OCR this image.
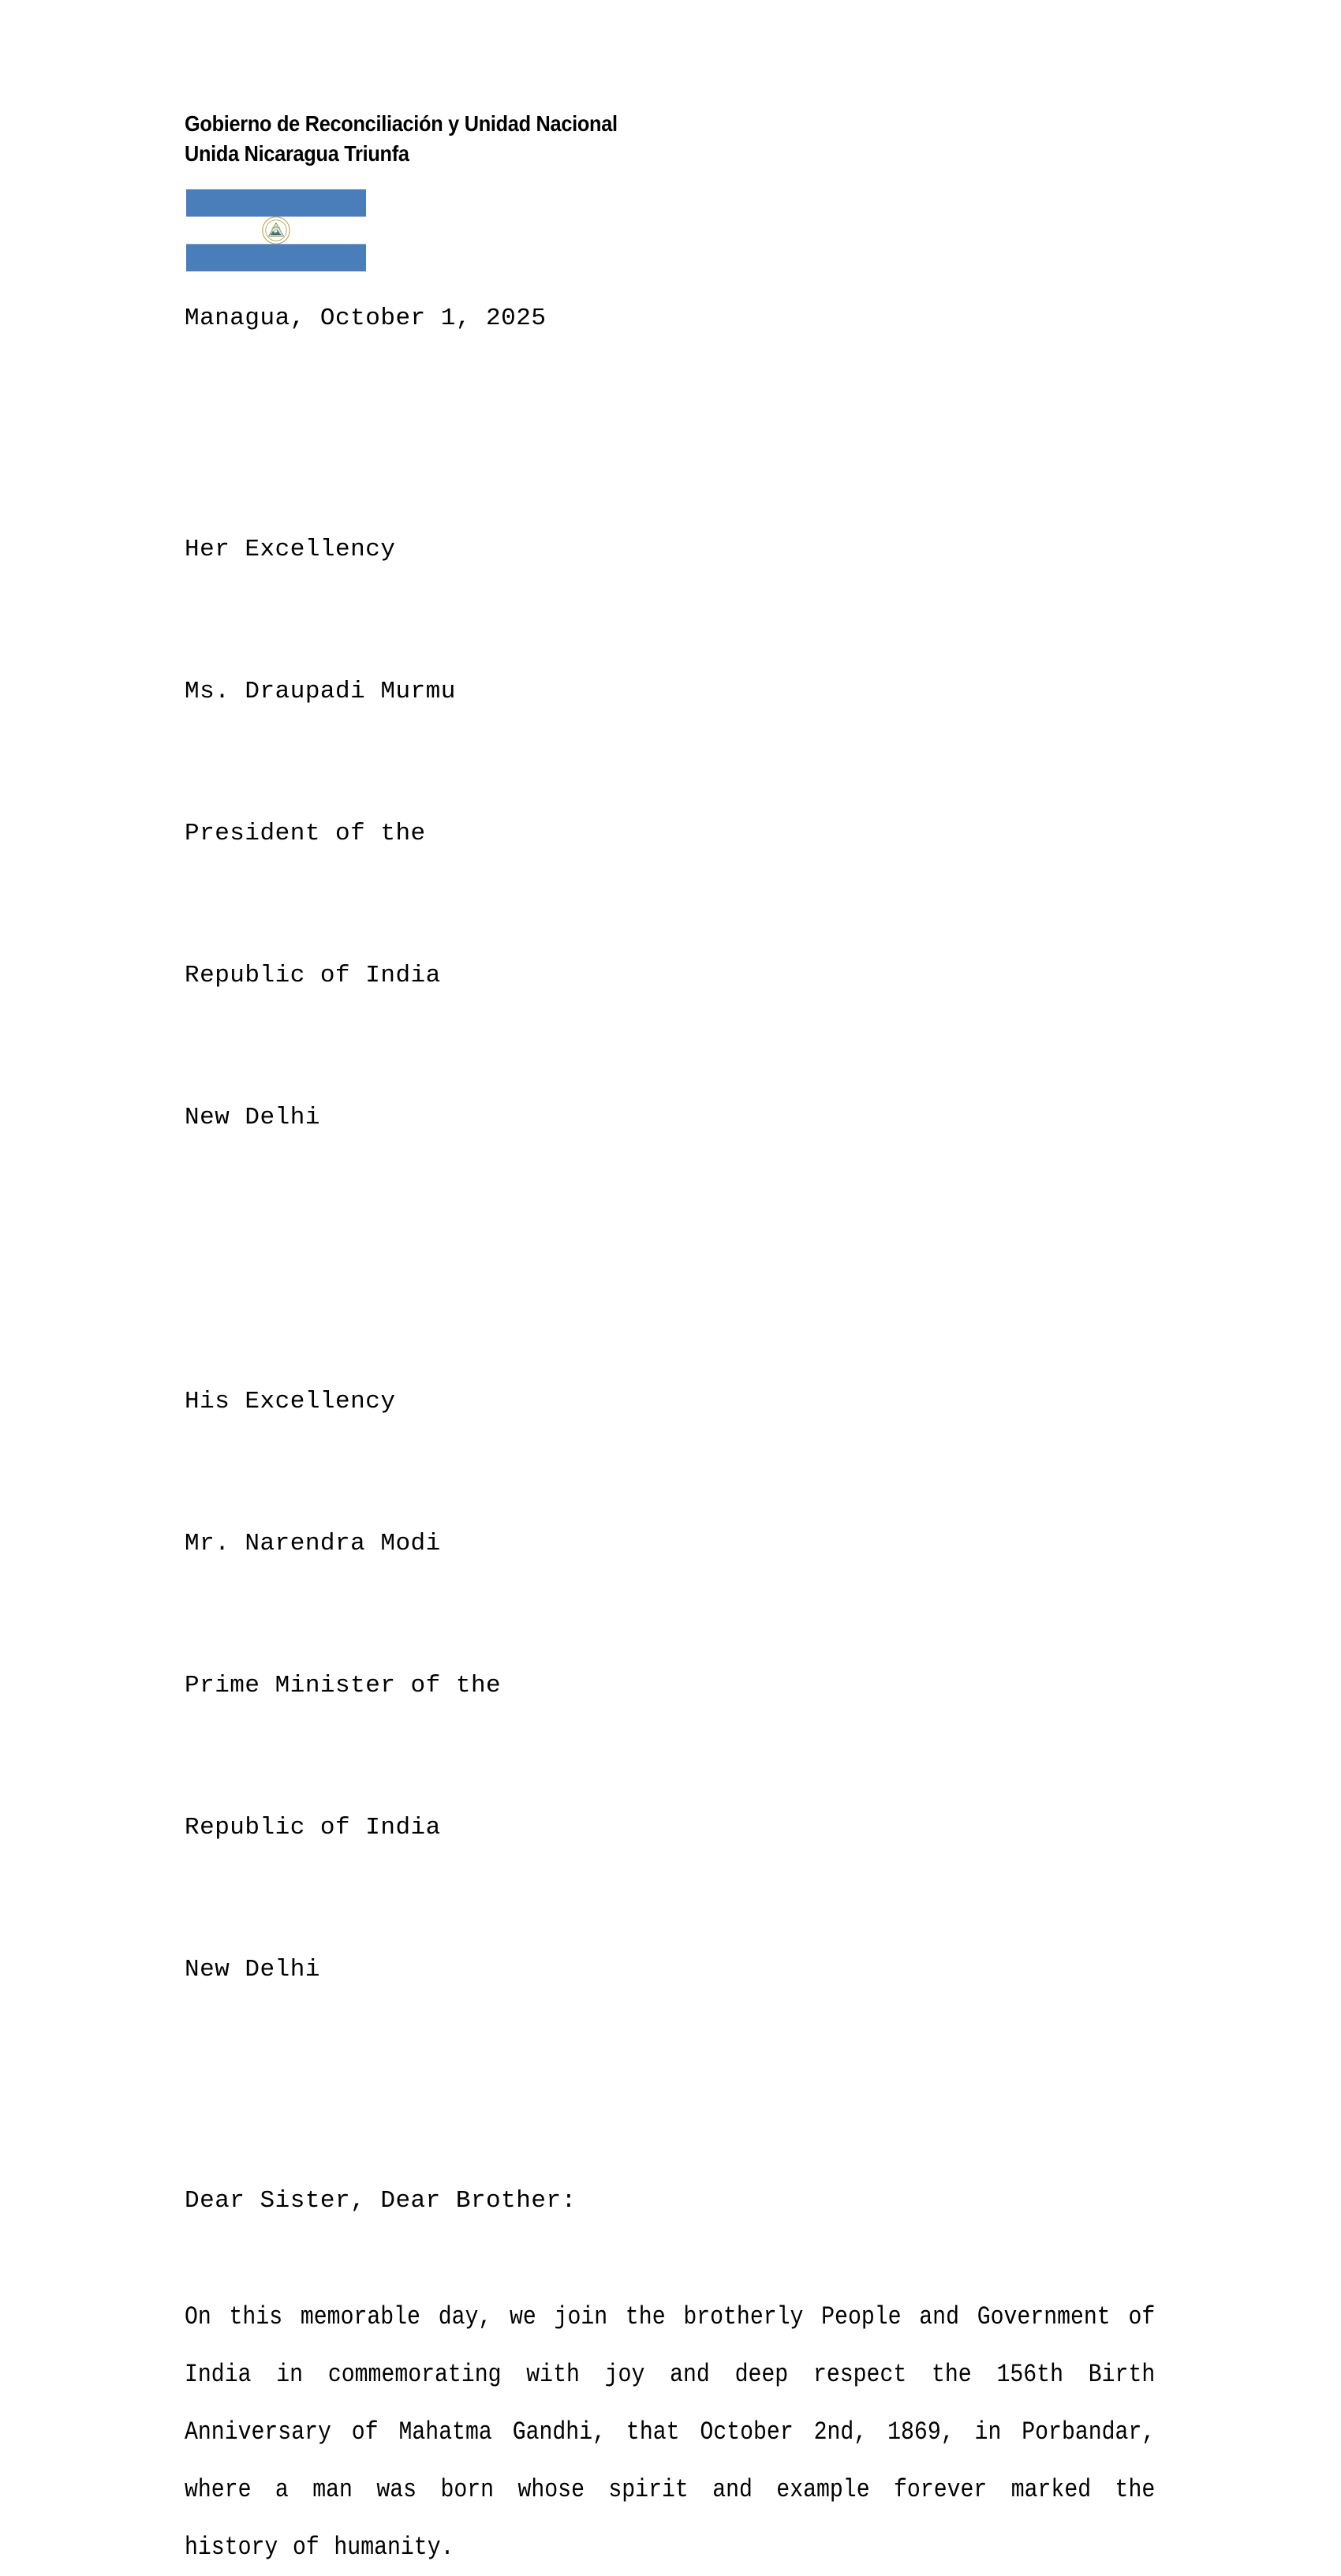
Gobierno de Reconciliación y Unidad Nacional
Unida Nicaragua Triunfa
Managua, October 1, 2025

Her Excellency

Ms. Draupadi Murmu

President of the

Republic of India

New Delhi

His Excellency

Mr. Narendra Modi

Prime Minister of the

Republic of India

New Delhi

Dear Sister, Dear Brother:
On this memorable day, we join the brotherly People and Government of India in commemorating with joy and deep respect the 156th Birth Anniversary of Mahatma Gandhi, that October 2nd, 1869, in Porbandar, where a man was born whose spirit and example forever marked the history of humanity.
